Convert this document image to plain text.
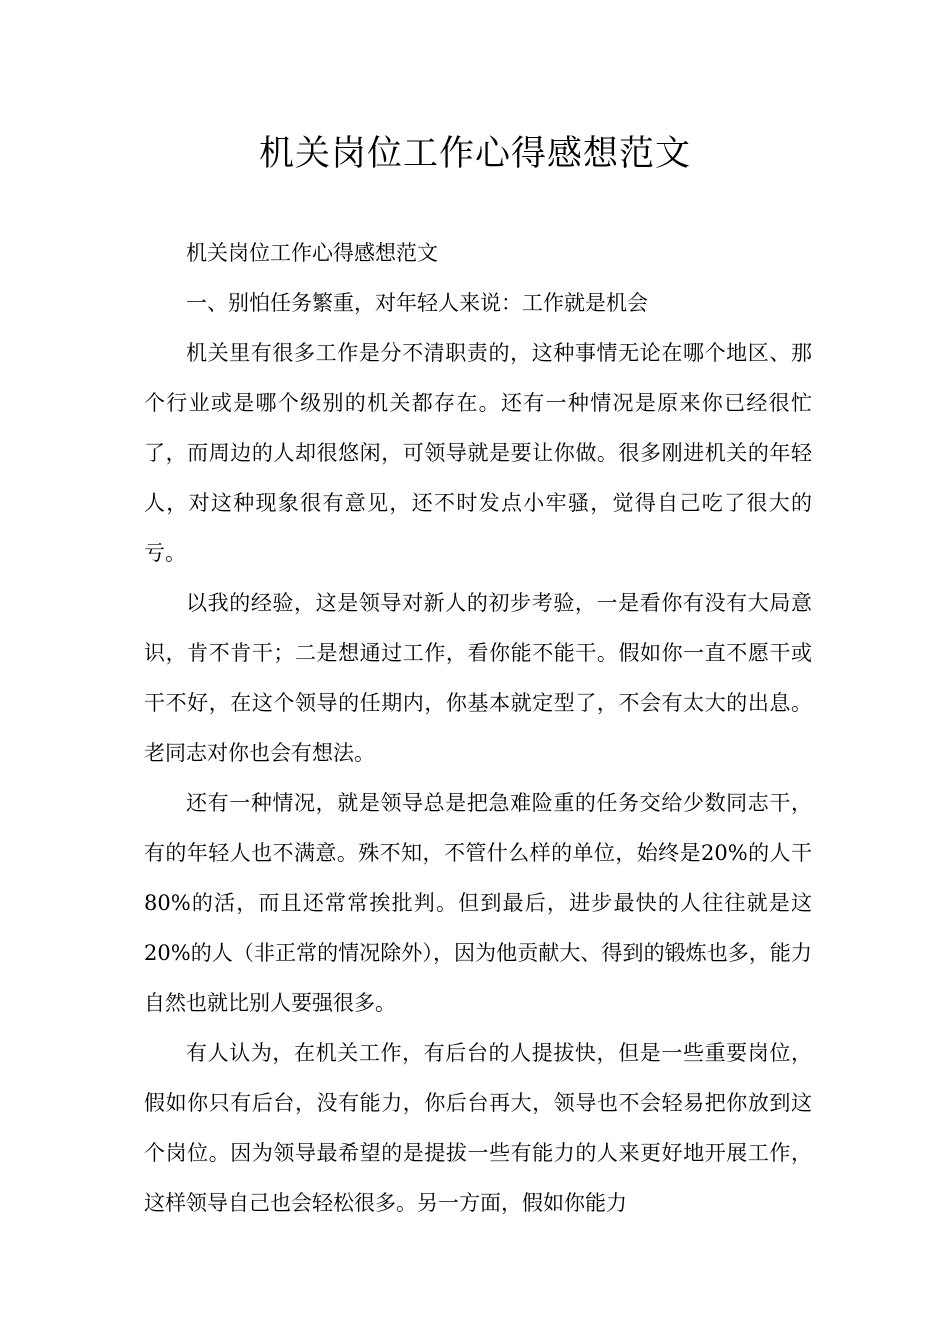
机关岗位工作心得感想范文

机关岗位工作心得感想范文

一、别怕任务繁重，对年轻人来说：工作就是机会

机关里有很多工作是分不清职责的，这种事情无论在哪个地区、那个行业或是哪个级别的机关都存在。还有一种情况是原来你已经很忙了，而周边的人却很悠闲，可领导就是要让你做。很多刚进机关的年轻人，对这种现象很有意见，还不时发点小牢骚，觉得自己吃了很大的亏。

以我的经验，这是领导对新人的初步考验，一是看你有没有大局意识，肯不肯干；二是想通过工作，看你能不能干。假如你一直不愿干或干不好，在这个领导的任期内，你基本就定型了，不会有太大的出息。老同志对你也会有想法。

还有一种情况，就是领导总是把急难险重的任务交给少数同志干，有的年轻人也不满意。殊不知，不管什么样的单位，始终是20%的人干80%的活，而且还常常挨批判。但到最后，进步最快的人往往就是这20%的人（非正常的情况除外），因为他贡献大、得到的锻炼也多，能力自然也就比别人要强很多。

有人认为，在机关工作，有后台的人提拔快，但是一些重要岗位，假如你只有后台，没有能力，你后台再大，领导也不会轻易把你放到这个岗位。因为领导最希望的是提拔一些有能力的人来更好地开展工作，这样领导自己也会轻松很多。另一方面，假如你能力
